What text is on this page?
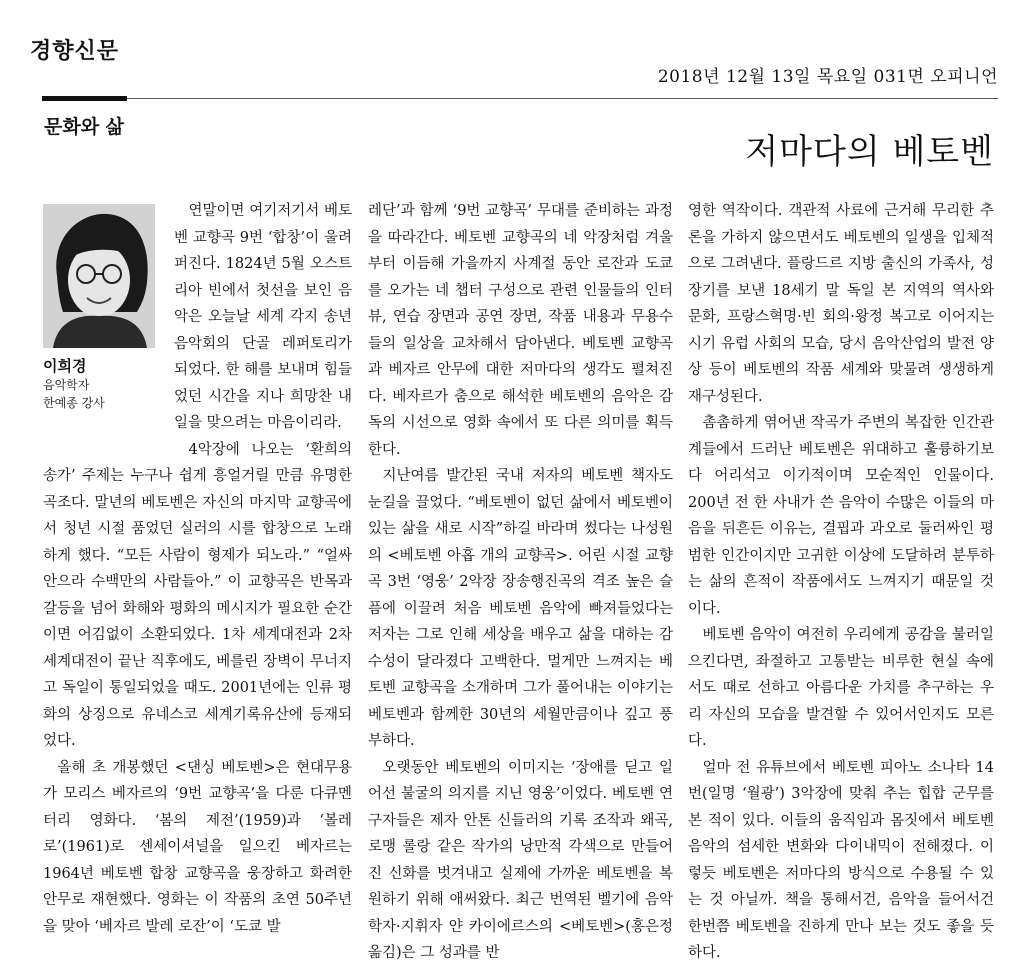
경향신문
2018년 12월 13일 목요일 031면 오피니언
문화와 삶
저마다의 베토벤
이희경
음악학자
한예종 강사

연말이면 여기저기서 베토벤 교향곡 9번 ‘합창’이 울려 퍼진다. 1824년 5월 오스트리아 빈에서 첫선을 보인 음악은 오늘날 세계 각지 송년음악회의 단골 레퍼토리가 되었다. 한 해를 보내며 힘들었던 시간을 지나 희망찬 내일을 맞으려는 마음이리라.

4악장에 나오는 ‘환희의 송가’ 주제는 누구나 쉽게 흥얼거릴 만큼 유명한 곡조다. 말년의 베토벤은 자신의 마지막 교향곡에서 청년 시절 품었던 실러의 시를 합창으로 노래하게 했다. “모든 사람이 형제가 되노라.” “얼싸 안으라 수백만의 사람들아.” 이 교향곡은 반목과 갈등을 넘어 화해와 평화의 메시지가 필요한 순간이면 어김없이 소환되었다. 1차 세계대전과 2차 세계대전이 끝난 직후에도, 베를린 장벽이 무너지고 독일이 통일되었을 때도. 2001년에는 인류 평화의 상징으로 유네스코 세계기록유산에 등재되었다.

올해 초 개봉했던 <댄싱 베토벤>은 현대무용가 모리스 베자르의 ‘9번 교향곡’을 다룬 다큐멘터리 영화다. ‘봄의 제전’(1959)과 ‘볼레로’(1961)로 센세이셔널을 일으킨 베자르는 1964년 베토벤 합창 교향곡을 웅장하고 화려한 안무로 재현했다. 영화는 이 작품의 초연 50주년을 맞아 ‘베자르 발레 로잔’이 ‘도쿄 발

레단’과 함께 ‘9번 교향곡’ 무대를 준비하는 과정을 따라간다. 베토벤 교향곡의 네 악장처럼 겨울부터 이듬해 가을까지 사계절 동안 로잔과 도쿄를 오가는 네 챕터 구성으로 관련 인물들의 인터뷰, 연습 장면과 공연 장면, 작품 내용과 무용수들의 일상을 교차해서 담아낸다. 베토벤 교향곡과 베자르 안무에 대한 저마다의 생각도 펼쳐진다. 베자르가 춤으로 해석한 베토벤의 음악은 감독의 시선으로 영화 속에서 또 다른 의미를 획득한다.

지난여름 발간된 국내 저자의 베토벤 책자도 눈길을 끌었다. “베토벤이 없던 삶에서 베토벤이 있는 삶을 새로 시작”하길 바라며 썼다는 나성원의 <베토벤 아홉 개의 교향곡>. 어린 시절 교향곡 3번 ‘영웅’ 2악장 장송행진곡의 격조 높은 슬픔에 이끌려 처음 베토벤 음악에 빠져들었다는 저자는 그로 인해 세상을 배우고 삶을 대하는 감수성이 달라졌다 고백한다. 멀게만 느껴지는 베토벤 교향곡을 소개하며 그가 풀어내는 이야기는 베토벤과 함께한 30년의 세월만큼이나 깊고 풍부하다.

오랫동안 베토벤의 이미지는 ‘장애를 딛고 일어선 불굴의 의지를 지닌 영웅’이었다. 베토벤 연구자들은 제자 안톤 신들러의 기록 조작과 왜곡, 로맹 롤랑 같은 작가의 낭만적 각색으로 만들어진 신화를 벗겨내고 실제에 가까운 베토벤을 복원하기 위해 애써왔다. 최근 번역된 벨기에 음악학자·지휘자 얀 카이에르스의 <베토벤>(홍은정 옮김)은 그 성과를 반

영한 역작이다. 객관적 사료에 근거해 무리한 추론을 가하지 않으면서도 베토벤의 일생을 입체적으로 그려낸다. 플랑드르 지방 출신의 가족사, 성장기를 보낸 18세기 말 독일 본 지역의 역사와 문화, 프랑스혁명·빈 회의·왕정 복고로 이어지는 시기 유럽 사회의 모습, 당시 음악산업의 발전 양상 등이 베토벤의 작품 세계와 맞물려 생생하게 재구성된다.

촘촘하게 엮어낸 작곡가 주변의 복잡한 인간관계들에서 드러난 베토벤은 위대하고 훌륭하기보다 어리석고 이기적이며 모순적인 인물이다. 200년 전 한 사내가 쓴 음악이 수많은 이들의 마음을 뒤흔든 이유는, 결핍과 과오로 둘러싸인 평범한 인간이지만 고귀한 이상에 도달하려 분투하는 삶의 흔적이 작품에서도 느껴지기 때문일 것이다.

베토벤 음악이 여전히 우리에게 공감을 불러일으킨다면, 좌절하고 고통받는 비루한 현실 속에서도 때로 선하고 아름다운 가치를 추구하는 우리 자신의 모습을 발견할 수 있어서인지도 모른다.

얼마 전 유튜브에서 베토벤 피아노 소나타 14번(일명 ‘월광’) 3악장에 맞춰 추는 힙합 군무를 본 적이 있다. 이들의 움직임과 몸짓에서 베토벤 음악의 섬세한 변화와 다이내믹이 전해졌다. 이렇듯 베토벤은 저마다의 방식으로 수용될 수 있는 것 아닐까. 책을 통해서건, 음악을 들어서건 한번쯤 베토벤을 진하게 만나 보는 것도 좋을 듯하다.
